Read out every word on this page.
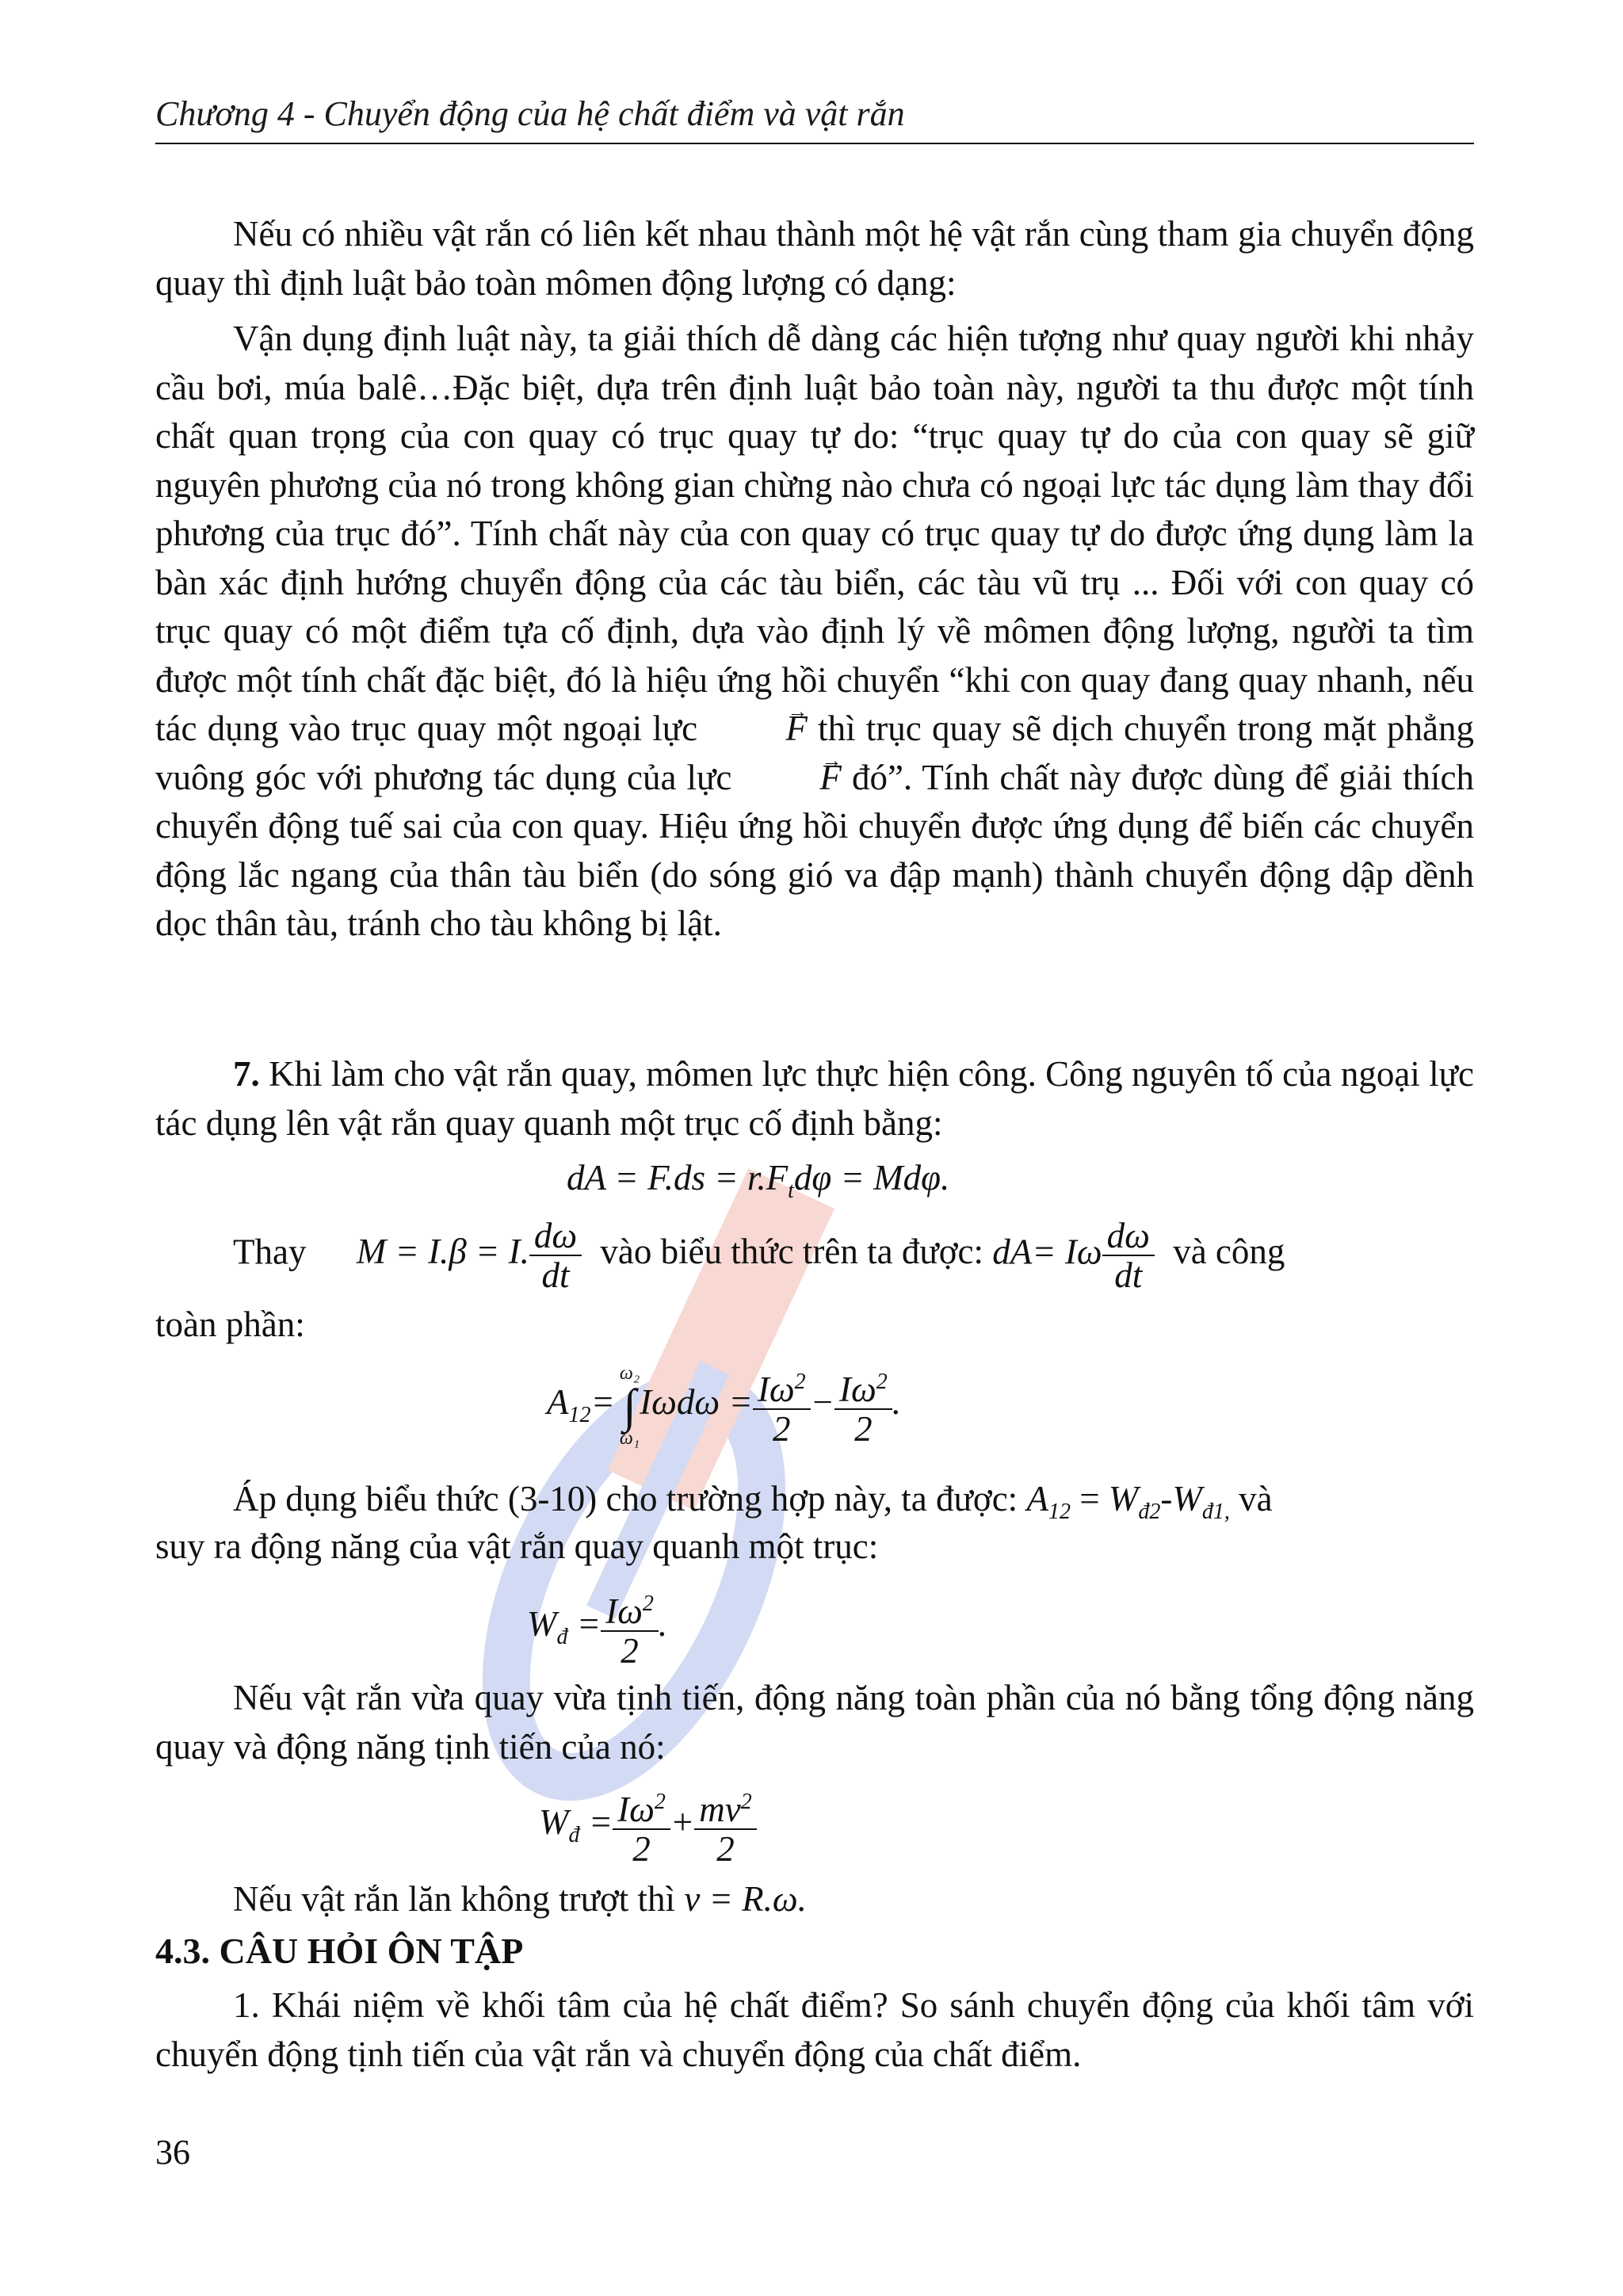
Chương 4 - Chuyển động của hệ chất điểm và vật rắn
Nếu có nhiều vật rắn có liên kết nhau thành một hệ vật rắn cùng tham gia chuyển động quay thì định luật bảo toàn mômen động lượng có dạng:
Vận dụng định luật này, ta giải thích dễ dàng các hiện tượng như quay người khi nhảy cầu bơi, múa balê…Đặc biệt, dựa trên định luật bảo toàn này, người ta thu được một tính chất quan trọng của con quay có trục quay tự do: “trục quay tự do của con quay sẽ giữ nguyên phương của nó trong không gian chừng nào chưa có ngoại lực tác dụng làm thay đổi phương của trục đó”. Tính chất này của con quay có trục quay tự do được ứng dụng làm la bàn xác định hướng chuyển động của các tàu biển, các tàu vũ trụ ... Đối với con quay có trục quay có một điểm tựa cố định, dựa vào định lý về mômen động lượng, người ta tìm được một tính chất đặc biệt, đó là hiệu ứng hồi chuyển “khi con quay đang quay nhanh, nếu tác dụng vào trục quay một ngoại lực → F thì trục quay sẽ dịch chuyển trong mặt phẳng vuông góc với phương tác dụng của lực → F đó”. Tính chất này được dùng để giải thích chuyển động tuế sai của con quay. Hiệu ứng hồi chuyển được ứng dụng để biến các chuyển động lắc ngang của thân tàu biển (do sóng gió va đập mạnh) thành chuyển động dập dềnh dọc thân tàu, tránh cho tàu không bị lật.
7. Khi làm cho vật rắn quay, mômen lực thực hiện công. Công nguyên tố của ngoại lực tác dụng lên vật rắn quay quanh một trục cố định bằng:
dA = $F.ds = r.F_td\varphi = Md\varphi$.
Thay M = I.β = I. $\frac{d\omega}{dt}$ vào biểu thức trên ta được: dA= Iω $\frac{d\omega}{dt}$ và công
toàn phần:
$A_{12}=$
ω₂
∫
ω₁
$I\omega d\omega = \frac{I\omega^2}{2} - \frac{I\omega^2}{2}$ .
Áp dụng biểu thức (3-10) cho trường hợp này, ta được: $A_{12} = W_{đ2}-W_{đ1,}$ và
suy ra động năng của vật rắn quay quanh một trục:
$W_đ = \frac{I\omega^2}{2}$ .
Nếu vật rắn vừa quay vừa tịnh tiến, động năng toàn phần của nó bằng tổng động năng quay và động năng tịnh tiến của nó:
$W_đ = \frac{I\omega^2}{2} + \frac{mv^2}{2}$
Nếu vật rắn lăn không trượt thì v = R.ω.
4.3. CÂU HỎI ÔN TẬP
1. Khái niệm về khối tâm của hệ chất điểm? So sánh chuyển động của khối tâm với chuyển động tịnh tiến của vật rắn và chuyển động của chất điểm.
36
